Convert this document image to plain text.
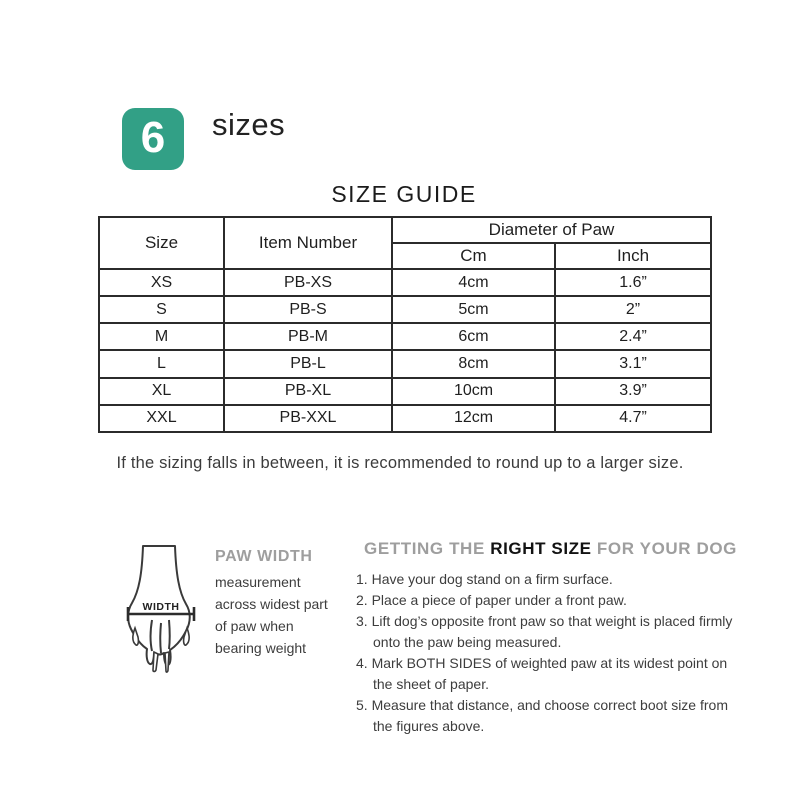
6 sizes
SIZE GUIDE
Size	Item Number	Diameter of Paw	
		Cm	Inch
XS	PB-XS	4cm	1.6”
S	PB-S	5cm	2”
M	PB-M	6cm	2.4”
L	PB-L	8cm	3.1”
XL	PB-XL	10cm	3.9”
XXL	PB-XXL	12cm	4.7”
If the sizing falls in between, it is recommended to round up to a larger size.
WIDTH
PAW WIDTH
measurement across widest part of paw when bearing weight
GETTING THE RIGHT SIZE FOR YOUR DOG
Have your dog stand on a firm surface.
Place a piece of paper under a front paw.
Lift dog’s opposite front paw so that weight is placed firmly onto the paw being measured.
Mark BOTH SIDES of weighted paw at its widest point on the sheet of paper.
Measure that distance, and choose correct boot size from the figures above.
